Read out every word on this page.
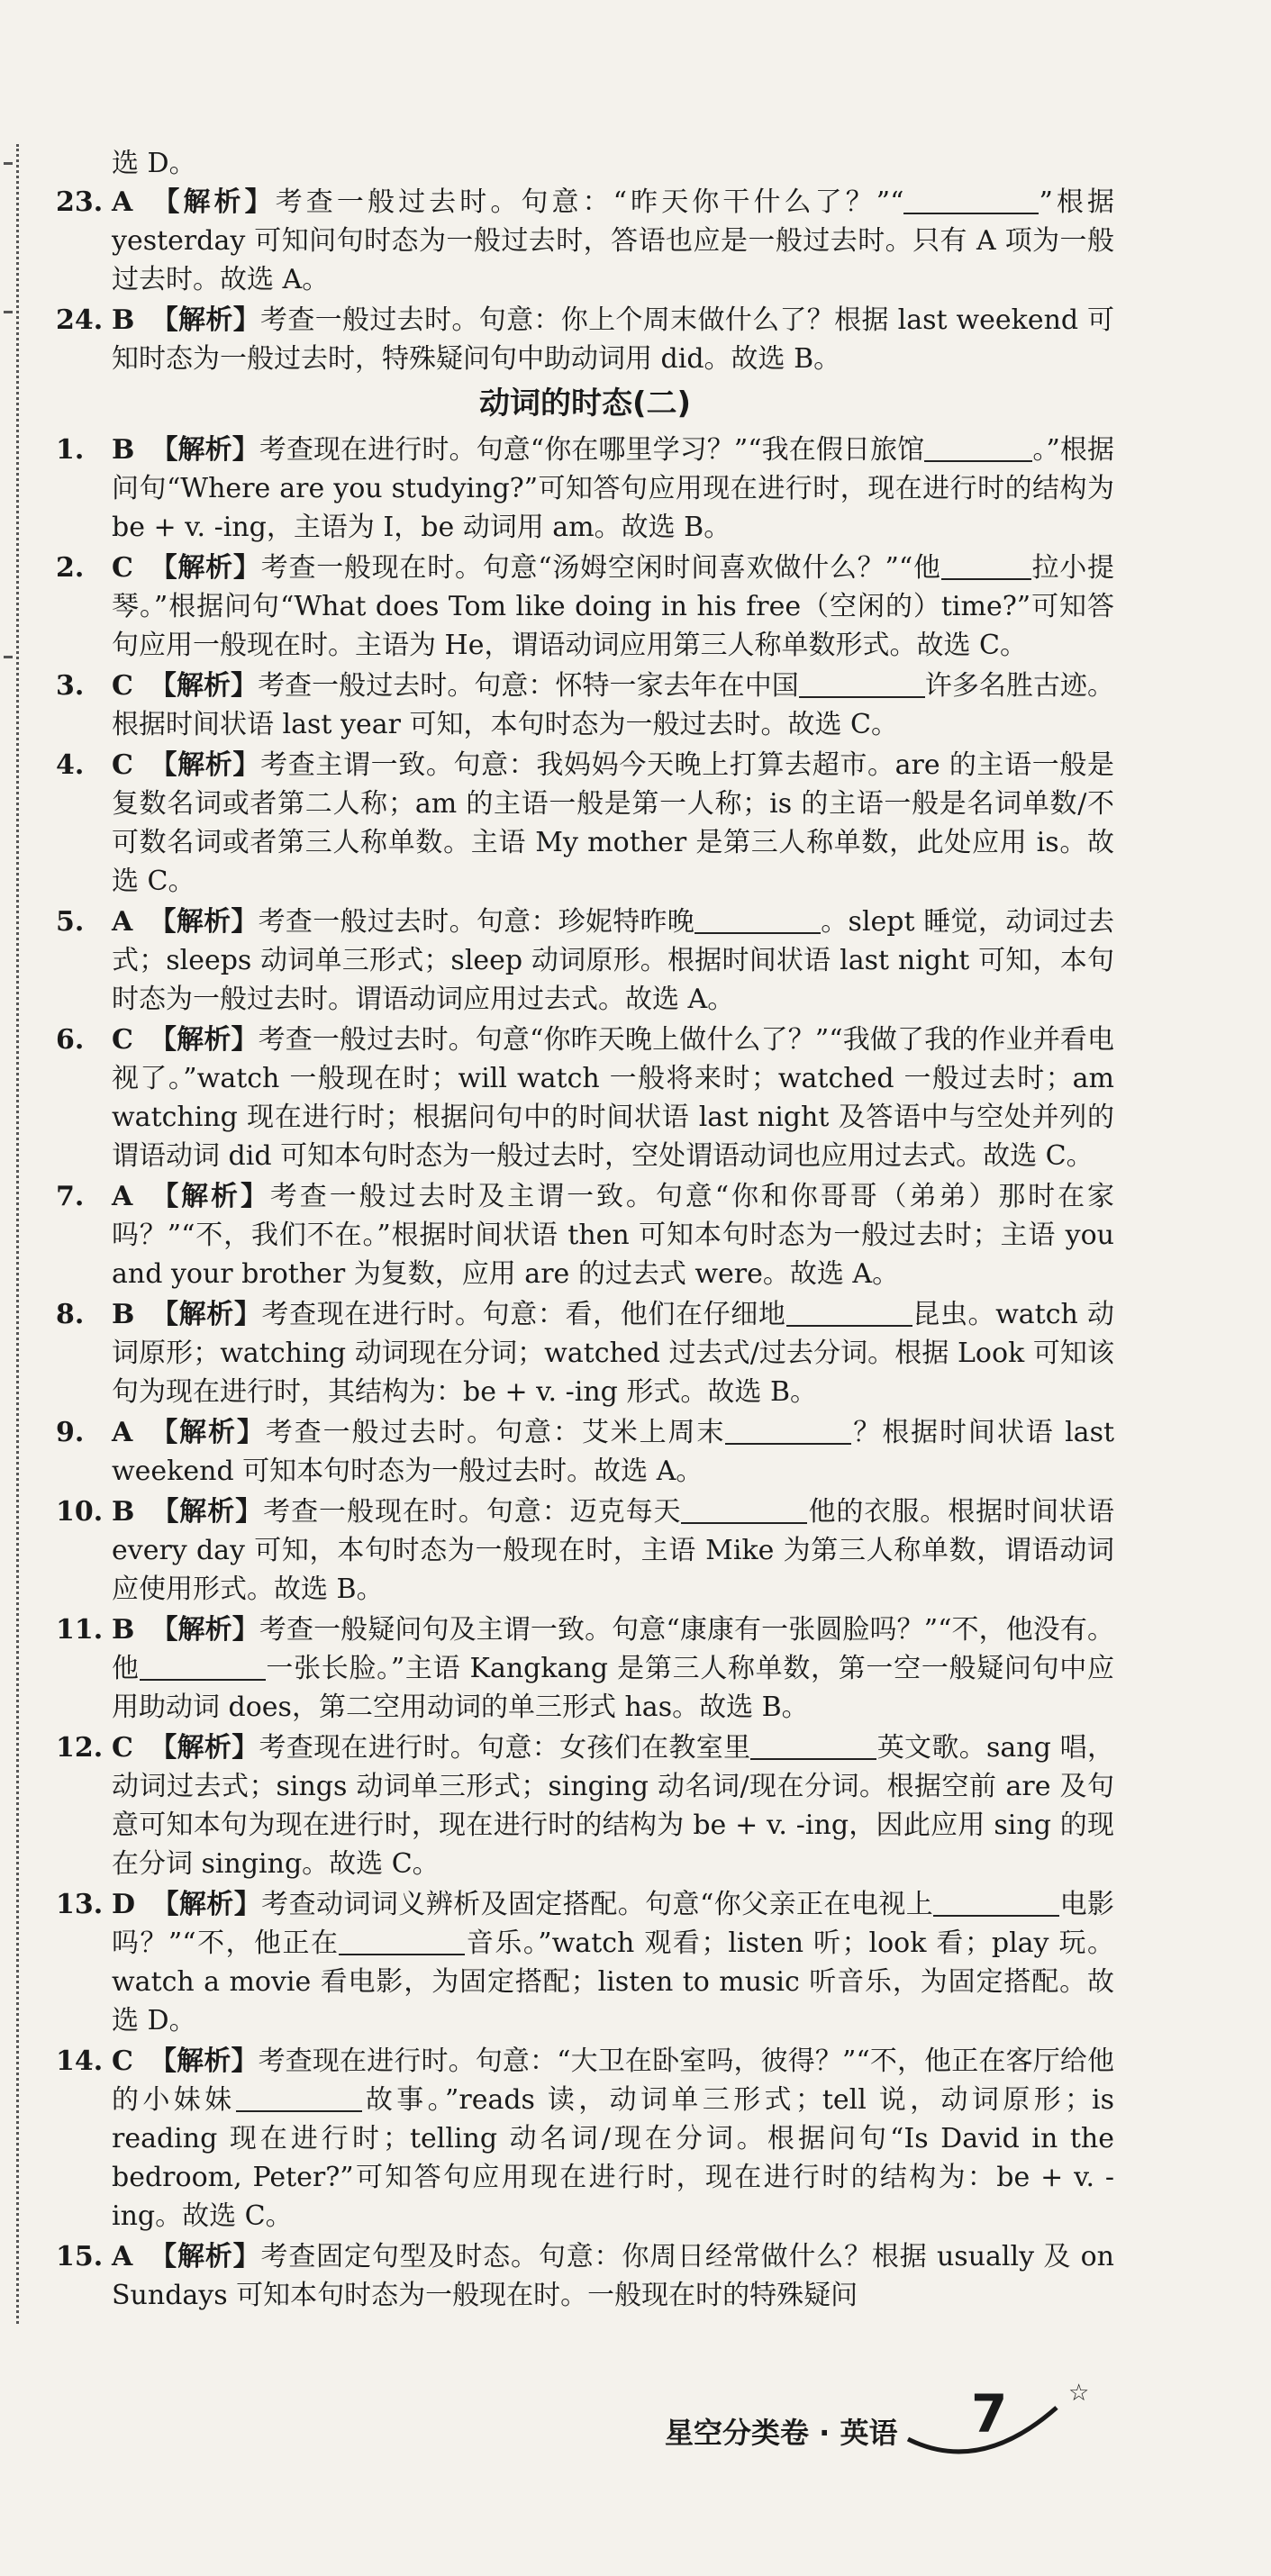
选 D。
23. A 【解析】考查一般过去时。句意：“昨天你干什么了？”“	”根据 yesterday 可知问句时态为一般过去时，答语也应是一般过去时。只有 A 项为一般过去时。故选 A。
24. B 【解析】考查一般过去时。句意：你上个周末做什么了？根据 last weekend 可知时态为一般过去时，特殊疑问句中助动词用 did。故选 B。
动词的时态(二)
1.	B 【解析】考查现在进行时。句意“你在哪里学习？”“我在假日旅馆	。”根据问句“Where are you studying?”可知答句应用现在进行时，现在进行时的结构为 be + v. -ing，主语为 I，be 动词用 am。故选 B。
2.	C 【解析】考查一般现在时。句意“汤姆空闲时间喜欢做什么？”“他	拉小提琴。”根据问句“What does Tom like doing in his free（空闲的）time?”可知答句应用一般现在时。主语为 He，谓语动词应用第三人称单数形式。故选 C。
3.	C 【解析】考查一般过去时。句意：怀特一家去年在中国	许多名胜古迹。根据时间状语 last year 可知，本句时态为一般过去时。故选 C。
4.	C 【解析】考查主谓一致。句意：我妈妈今天晚上打算去超市。are 的主语一般是复数名词或者第二人称；am 的主语一般是第一人称；is 的主语一般是名词单数/不可数名词或者第三人称单数。主语 My mother 是第三人称单数，此处应用 is。故选 C。
5.	A 【解析】考查一般过去时。句意：珍妮特昨晚	。slept 睡觉，动词过去式；sleeps 动词单三形式；sleep 动词原形。根据时间状语 last night 可知，本句时态为一般过去时。谓语动词应用过去式。故选 A。
6.	C 【解析】考查一般过去时。句意“你昨天晚上做什么了？”“我做了我的作业并看电视了。”watch 一般现在时；will watch 一般将来时；watched 一般过去时；am watching 现在进行时；根据问句中的时间状语 last night 及答语中与空处并列的谓语动词 did 可知本句时态为一般过去时，空处谓语动词也应用过去式。故选 C。
7.	A 【解析】考查一般过去时及主谓一致。句意“你和你哥哥（弟弟）那时在家吗？”“不，我们不在。”根据时间状语 then 可知本句时态为一般过去时；主语 you and your brother 为复数，应用 are 的过去式 were。故选 A。
8.	B 【解析】考查现在进行时。句意：看，他们在仔细地	昆虫。watch 动词原形；watching 动词现在分词；watched 过去式/过去分词。根据 Look 可知该句为现在进行时，其结构为：be + v. -ing 形式。故选 B。
9.	A 【解析】考查一般过去时。句意：艾米上周末	？根据时间状语 last weekend 可知本句时态为一般过去时。故选 A。
10. B 【解析】考查一般现在时。句意：迈克每天	他的衣服。根据时间状语 every day 可知，本句时态为一般现在时，主语 Mike 为第三人称单数，谓语动词应使用形式。故选 B。
11. B 【解析】考查一般疑问句及主谓一致。句意“康康有一张圆脸吗？”“不，他没有。他	一张长脸。”主语 Kangkang 是第三人称单数，第一空一般疑问句中应用助动词 does，第二空用动词的单三形式 has。故选 B。
12. C 【解析】考查现在进行时。句意：女孩们在教室里	英文歌。sang 唱，动词过去式；sings 动词单三形式；singing 动名词/现在分词。根据空前 are 及句意可知本句为现在进行时，现在进行时的结构为 be + v. -ing，因此应用 sing 的现在分词 singing。故选 C。
13. D 【解析】考查动词词义辨析及固定搭配。句意“你父亲正在电视上	电影吗？”“不，他正在	音乐。”watch 观看；listen 听；look 看；play 玩。watch a movie 看电影，为固定搭配；listen to music 听音乐，为固定搭配。故选 D。
14. C 【解析】考查现在进行时。句意：“大卫在卧室吗，彼得？”“不，他正在客厅给他的小妹妹	故事。”reads 读，动词单三形式；tell 说，动词原形；is reading 现在进行时；telling 动名词/现在分词。根据问句“Is David in the bedroom, Peter?”可知答句应用现在进行时，现在进行时的结构为：be + v. -ing。故选 C。
15. A 【解析】考查固定句型及时态。句意：你周日经常做什么？根据 usually 及 on Sundays 可知本句时态为一般现在时。一般现在时的特殊疑问
星空分类卷 · 英语 7	☆
